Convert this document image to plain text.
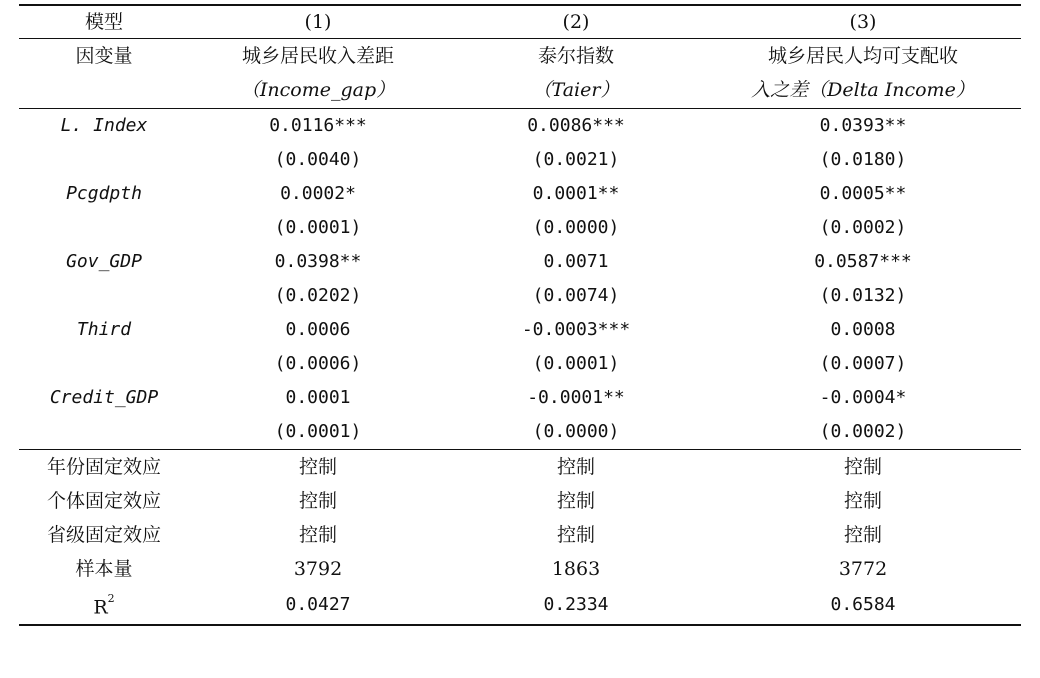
模型	(1)	(2)	(3)
因变量	城乡居民收入差距	泰尔指数	城乡居民人均可支配收
	（Income_gap）	（Taier）	入之差（Delta Income）
L. Index	0.0116***	0.0086***	0.0393**
	(0.0040)	(0.0021)	(0.0180)
Pcgdpth	0.0002*	0.0001**	0.0005**
	(0.0001)	(0.0000)	(0.0002)
Gov_GDP	0.0398**	0.0071	0.0587***
	(0.0202)	(0.0074)	(0.0132)
Third	0.0006	-0.0003***	0.0008
	(0.0006)	(0.0001)	(0.0007)
Credit_GDP	0.0001	-0.0001**	-0.0004*
	(0.0001)	(0.0000)	(0.0002)
年份固定效应	控制	控制	控制
个体固定效应	控制	控制	控制
省级固定效应	控制	控制	控制
样本量	3792	1863	3772
$R^2$	0.0427	0.2334	0.6584
